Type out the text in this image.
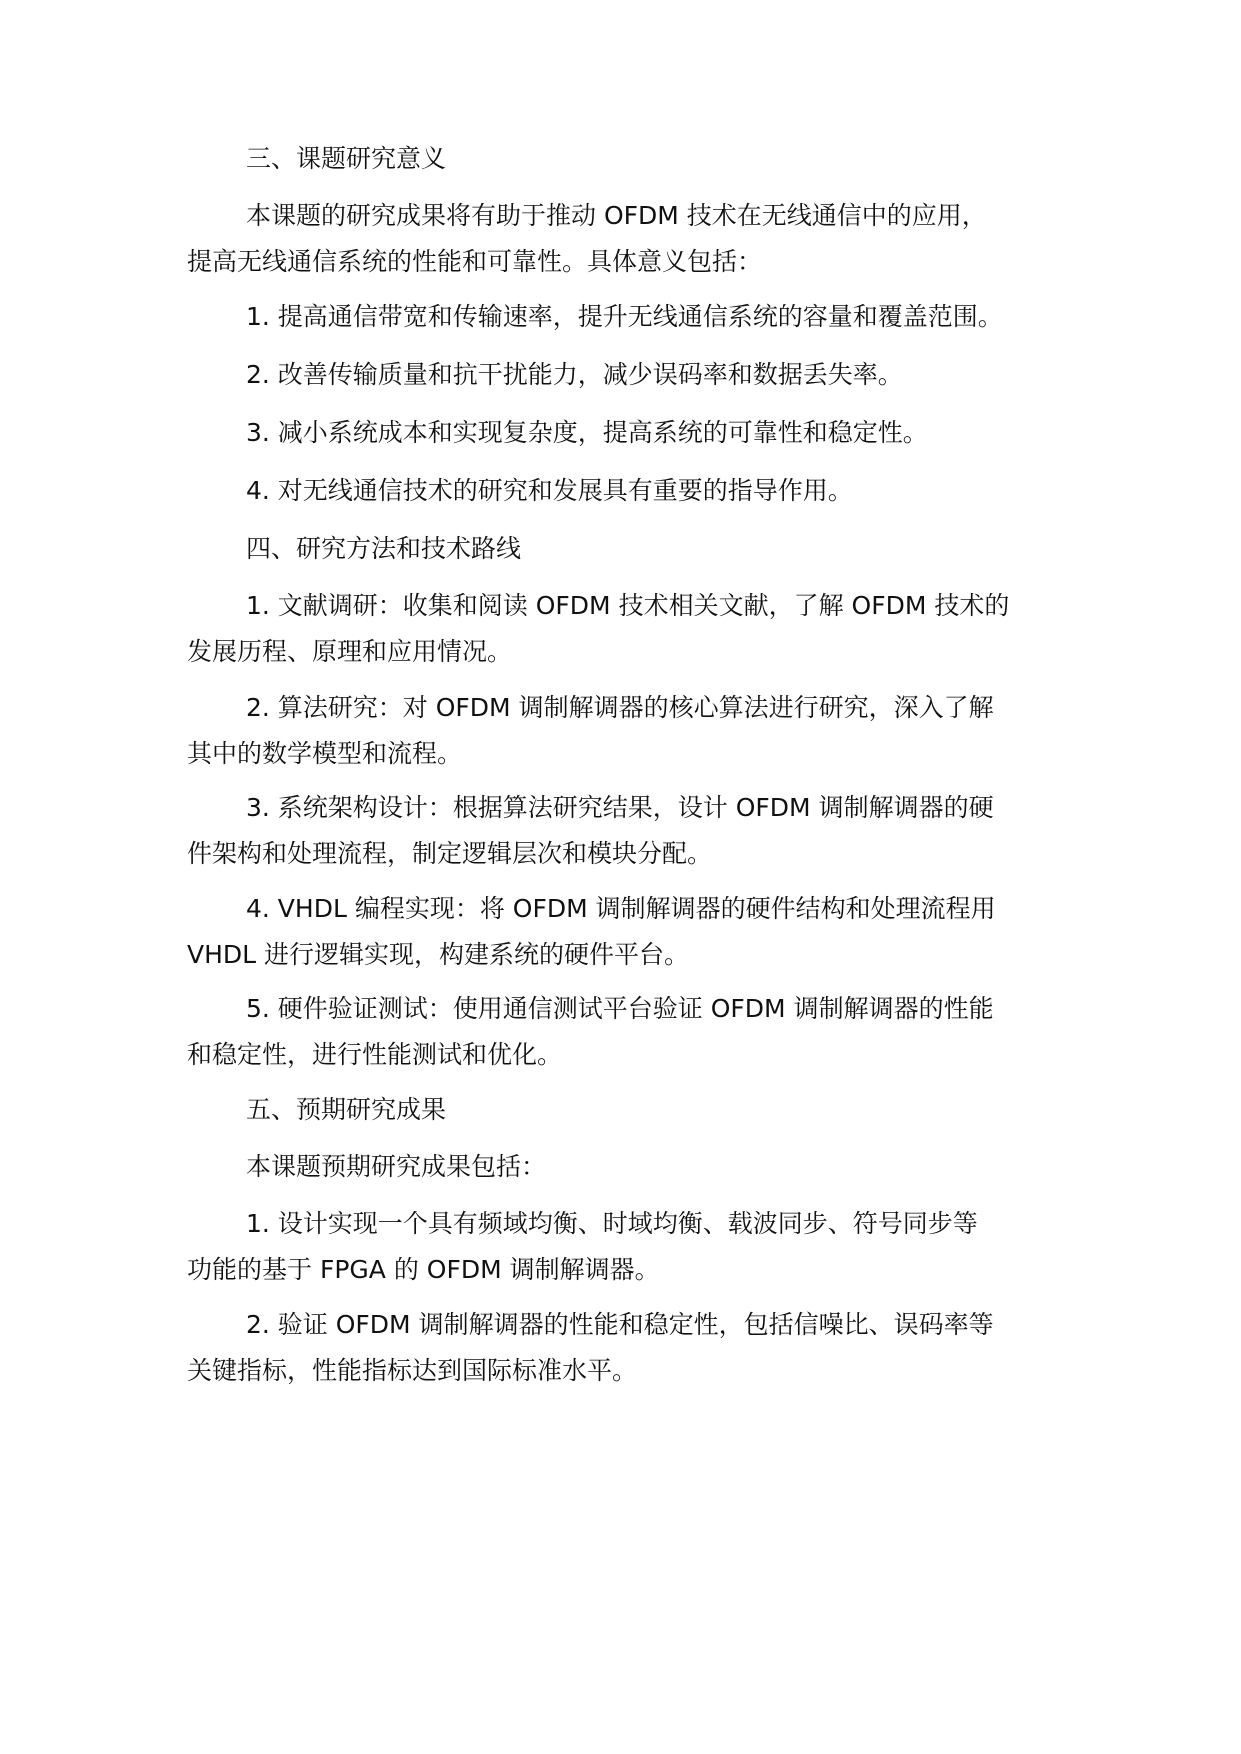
三、课题研究意义

本课题的研究成果将有助于推动 OFDM 技术在无线通信中的应用，
提高无线通信系统的性能和可靠性。具体意义包括：

1. 提高通信带宽和传输速率，提升无线通信系统的容量和覆盖范围。

2. 改善传输质量和抗干扰能力，减少误码率和数据丢失率。

3. 减小系统成本和实现复杂度，提高系统的可靠性和稳定性。

4. 对无线通信技术的研究和发展具有重要的指导作用。

四、研究方法和技术路线

1. 文献调研：收集和阅读 OFDM 技术相关文献，了解 OFDM 技术的
发展历程、原理和应用情况。

2. 算法研究：对 OFDM 调制解调器的核心算法进行研究，深入了解
其中的数学模型和流程。

3. 系统架构设计：根据算法研究结果，设计 OFDM 调制解调器的硬
件架构和处理流程，制定逻辑层次和模块分配。

4. VHDL 编程实现：将 OFDM 调制解调器的硬件结构和处理流程用
VHDL 进行逻辑实现，构建系统的硬件平台。

5. 硬件验证测试：使用通信测试平台验证 OFDM 调制解调器的性能
和稳定性，进行性能测试和优化。

五、预期研究成果

本课题预期研究成果包括：

1. 设计实现一个具有频域均衡、时域均衡、载波同步、符号同步等
功能的基于 FPGA 的 OFDM 调制解调器。

2. 验证 OFDM 调制解调器的性能和稳定性，包括信噪比、误码率等
关键指标，性能指标达到国际标准水平。
